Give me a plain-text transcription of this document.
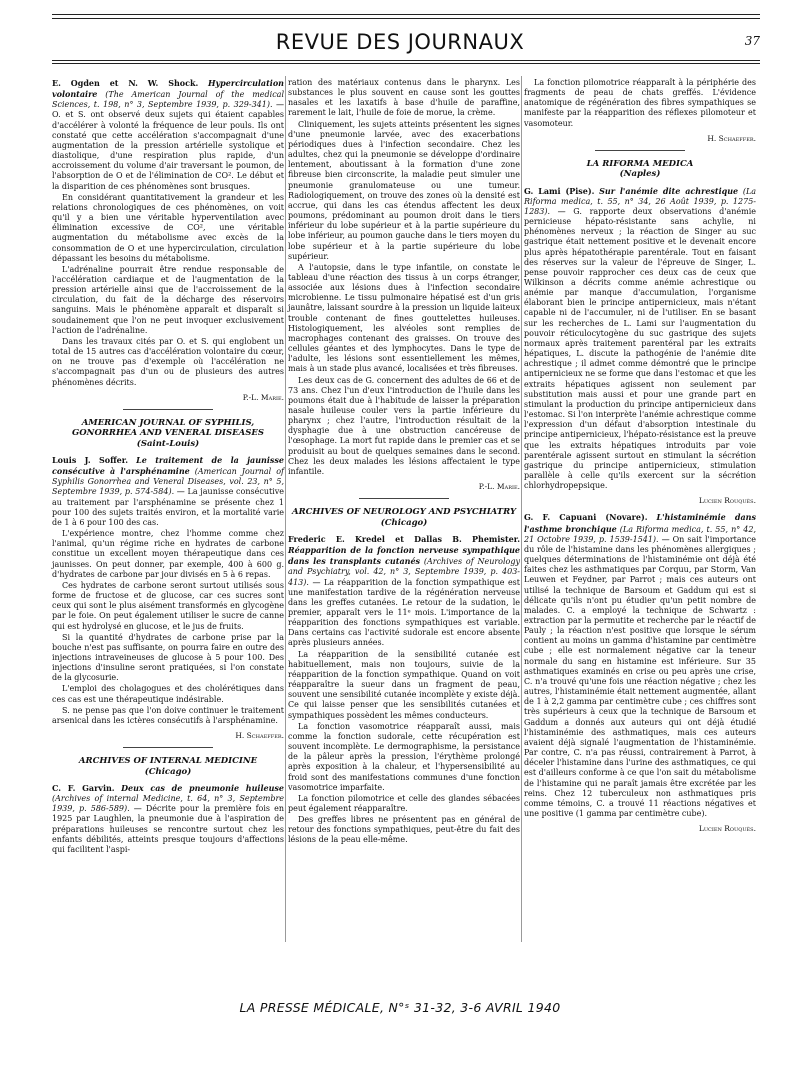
REVUE DES JOURNAUX	37

E. Ogden et N. W. Shock. Hypercirculation volontaire (The American Journal of the medical Sciences, t. 198, n° 3, Septembre 1939, p. 329-341). — O. et S. ont observé deux sujets qui étaient capables d'accélérer à volonté la fréquence de leur pouls. Ils ont constaté que cette accélération s'accompagnait d'une augmentation de la pression artérielle systolique et diastolique, d'une respiration plus rapide, d'un accroissement du volume d'air traversant le poumon, de l'absorption de O et de l'élimination de CO². Le début et la disparition de ces phénomènes sont brusques.

En considérant quantitativement la grandeur et les relations chronologiques de ces phénomènes, on voit qu'il y a bien une véritable hyperventilation avec élimination excessive de CO², une véritable augmentation du métabolisme avec excès de la consommation de O et une hypercirculation, circulation dépassant les besoins du métabolisme.

L'adrénaline pourrait être rendue responsable de l'accélération cardiaque et de l'augmentation de la pression artérielle ainsi que de l'accroissement de la circulation, du fait de la décharge des réservoirs sanguins. Mais le phénomène apparaît et disparaît si soudainement que l'on ne peut invoquer exclusivement l'action de l'adrénaline.

Dans les travaux cités par O. et S. qui englobent un total de 15 autres cas d'accélération volontaire du cœur, on ne trouve pas d'exemple où l'accélération ne s'accompagnait pas d'un ou de plusieurs des autres phénomènes décrits.

P.-L. Marie.
AMERICAN JOURNAL OF SYPHILIS, GONORRHEA AND VENERAL DISEASES
(Saint-Louis)

Louis J. Soffer. Le traitement de la jaunisse consécutive à l'arsphénamine (American Journal of Syphilis Gonorrhea and Veneral Diseases, vol. 23, n° 5, Septembre 1939, p. 574-584). — La jaunisse consécutive au traitement par l'arsphénamine se présente chez 1 pour 100 des sujets traités environ, et la mortalité varie de 1 à 6 pour 100 des cas.

L'expérience montre, chez l'homme comme chez l'animal, qu'un régime riche en hydrates de carbone constitue un excellent moyen thérapeutique dans ces jaunisses. On peut donner, par exemple, 400 à 600 g. d'hydrates de carbone par jour divisés en 5 à 6 repas.

Ces hydrates de carbone seront surtout utilisés sous forme de fructose et de glucose, car ces sucres sont ceux qui sont le plus aisément transformés en glycogène par le foie. On peut également utiliser le sucre de canne qui est hydrolysé en glucose, et le jus de fruits.

Si la quantité d'hydrates de carbone prise par la bouche n'est pas suffisante, on pourra faire en outre des injections intraveineuses de glucose à 5 pour 100. Des injections d'insuline seront pratiquées, si l'on constate de la glycosurie.

L'emploi des cholagogues et des cholérétiques dans ces cas est une thérapeutique indésirable.

S. ne pense pas que l'on doive continuer le traitement arsenical dans les ictères consécutifs à l'arsphénamine.

H. Schaeffer.
ARCHIVES OF INTERNAL MEDICINE
(Chicago)

C. F. Garvin. Deux cas de pneumonie huileuse (Archives of internal Medicine, t. 64, n° 3, Septembre 1939, p. 586-589). — Décrite pour la première fois en 1925 par Laughlen, la pneumonie due à l'aspiration de préparations huileuses se rencontre surtout chez les enfants débilités, atteints presque toujours d'affections qui facilitent l'aspi-

ration des matériaux contenus dans le pharynx. Les substances le plus souvent en cause sont les gouttes nasales et les laxatifs à base d'huile de paraffine, rarement le lait, l'huile de foie de morue, la crème.

Cliniquement, les sujets atteints présentent les signes d'une pneumonie larvée, avec des exacerbations périodiques dues à l'infection secondaire. Chez les adultes, chez qui la pneumonie se développe d'ordinaire lentement, aboutissant à la formation d'une zone fibreuse bien circonscrite, la maladie peut simuler une pneumonie granulomateuse ou une tumeur. Radiologiquement, on trouve des zones où la densité est accrue, qui dans les cas étendus affectent les deux poumons, prédominant au poumon droit dans le tiers inférieur du lobe supérieur et à la partie supérieure du lobe inférieur, au poumon gauche dans le tiers moyen du lobe supérieur et à la partie supérieure du lobe supérieur.

A l'autopsie, dans le type infantile, on constate le tableau d'une réaction des tissus à un corps étranger, associée aux lésions dues à l'infection secondaire microbienne. Le tissu pulmonaire hépatisé est d'un gris jaunâtre, laissant sourdre à la pression un liquide laiteux trouble contenant de fines gouttelettes huileuses. Histologiquement, les alvéoles sont remplies de macrophages contenant des graisses. On trouve des cellules géantes et des lymphocytes. Dans le type de l'adulte, les lésions sont essentiellement les mêmes, mais à un stade plus avancé, localisées et très fibreuses.

Les deux cas de G. concernent des adultes de 66 et de 73 ans. Chez l'un d'eux l'introduction de l'huile dans les poumons était due à l'habitude de laisser la préparation nasale huileuse couler vers la partie inférieure du pharynx ; chez l'autre, l'introduction résultait de la dysphagie due à une obstruction cancéreuse de l'œsophage. La mort fut rapide dans le premier cas et se produisit au bout de quelques semaines dans le second. Chez les deux malades les lésions affectaient le type infantile.

P.-L. Marie.
ARCHIVES OF NEUROLOGY AND PSYCHIATRY
(Chicago)

Frederic E. Kredel et Dallas B. Phemister. Réapparition de la fonction nerveuse sympathique dans les transplants cutanés (Archives of Neurology and Psychiatry, vol. 42, n° 3, Septembre 1939, p. 403-413). — La réapparition de la fonction sympathique est une manifestation tardive de la régénération nerveuse dans les greffes cutanées. Le retour de la sudation, le premier, apparaît vers le 11ᵉ mois. L'importance de la réapparition des fonctions sympathiques est variable. Dans certains cas l'activité sudorale est encore absente après plusieurs années.

La réapparition de la sensibilité cutanée est habituellement, mais non toujours, suivie de la réapparition de la fonction sympathique. Quand on voit réapparaître la sueur dans un fragment de peau, souvent une sensibilité cutanée incomplète y existe déjà. Ce qui laisse penser que les sensibilités cutanées et sympathiques possèdent les mêmes conducteurs.

La fonction vasomotrice réapparaît aussi, mais comme la fonction sudorale, cette récupération est souvent incomplète. Le dermographisme, la persistance de la pâleur après la pression, l'érythème prolongé après exposition à la chaleur, et l'hypersensibilité au froid sont des manifestations communes d'une fonction vasomotrice imparfaite.

La fonction pilomotrice et celle des glandes sébacées peut également réapparaître.

Des greffes libres ne présentent pas en général de retour des fonctions sympathiques, peut-être du fait des lésions de la peau elle-même.

La fonction pilomotrice réapparaît à la périphérie des fragments de peau de chats greffés. L'évidence anatomique de régénération des fibres sympathiques se manifeste par la réapparition des réflexes pilomoteur et vasomoteur.

H. Schaeffer.
LA RIFORMA MEDICA
(Naples)

G. Lami (Pise). Sur l'anémie dite achrestique (La Riforma medica, t. 55, n° 34, 26 Août 1939, p. 1275-1283). — G. rapporte deux observations d'anémie pernicieuse hépato-résistante sans achylie, ni phénomènes nerveux ; la réaction de Singer au suc gastrique était nettement positive et le devenait encore plus après hépatothérapie parentérale. Tout en faisant des réserves sur la valeur de l'épreuve de Singer, L. pense pouvoir rapprocher ces deux cas de ceux que Wilkinson a décrits comme anémie achrestique ou anémie par manque d'accumulation, l'organisme élaborant bien le principe antipernicieux, mais n'étant capable ni de l'accumuler, ni de l'utiliser. En se basant sur les recherches de L. Lami sur l'augmentation du pouvoir réticulocytogène du suc gastrique des sujets normaux après traitement parentéral par les extraits hépatiques, L. discute la pathogénie de l'anémie dite achrestique ; il admet comme démontré que le principe antipernicieux ne se forme que dans l'estomac et que les extraits hépatiques agissent non seulement par substitution mais aussi et pour une grande part en stimulant la production du principe antipernicieux dans l'estomac. Si l'on interprète l'anémie achrestique comme l'expression d'un défaut d'absorption intestinale du principe antipernicieux, l'hépato-résistance est la preuve que les extraits hépatiques introduits par voie parentérale agissent surtout en stimulant la sécrétion gastrique du principe antipernicieux, stimulation parallèle à celle qu'ils exercent sur la sécrétion chlorhydropepsique.

Lucien Rouquès.

G. F. Capuani (Novare). L'histaminémie dans l'asthme bronchique (La Riforma medica, t. 55, n° 42, 21 Octobre 1939, p. 1539-1541). — On sait l'importance du rôle de l'histamine dans les phénomènes allergiques ; quelques déterminations de l'histaminémie ont déjà été faites chez les asthmatiques par Corquu, par Storm, Van Leuwen et Feydner, par Parrot ; mais ces auteurs ont utilisé la technique de Barsoum et Gaddum qui est si délicate qu'ils n'ont pu étudier qu'un petit nombre de malades. C. a employé la technique de Schwartz : extraction par la permutite et recherche par le réactif de Pauly ; la réaction n'est positive que lorsque le sérum contient au moins un gamma d'histamine par centimètre cube ; elle est normalement négative car la teneur normale du sang en histamine est inférieure. Sur 35 asthmatiques examinés en crise ou peu après une crise, C. n'a trouvé qu'une fois une réaction négative ; chez les autres, l'histaminémie était nettement augmentée, allant de 1 à 2,2 gamma par centimètre cube ; ces chiffres sont très supérieurs à ceux que la technique de Barsoum et Gaddum a donnés aux auteurs qui ont déjà étudié l'histaminémie des asthmatiques, mais ces auteurs avaient déjà signalé l'augmentation de l'histaminémie. Par contre, C. n'a pas réussi, contrairement à Parrot, à déceler l'histamine dans l'urine des asthmatiques, ce qui est d'ailleurs conforme à ce que l'on sait du métabolisme de l'histamine qui ne paraît jamais être excrétée par les reins. Chez 12 tuberculeux non asthmatiques pris comme témoins, C. a trouvé 11 réactions négatives et une positive (1 gamma par centimètre cube).

Lucien Rouquès.
LA PRESSE MÉDICALE, N°ˢ 31-32, 3-6 AVRIL 1940
